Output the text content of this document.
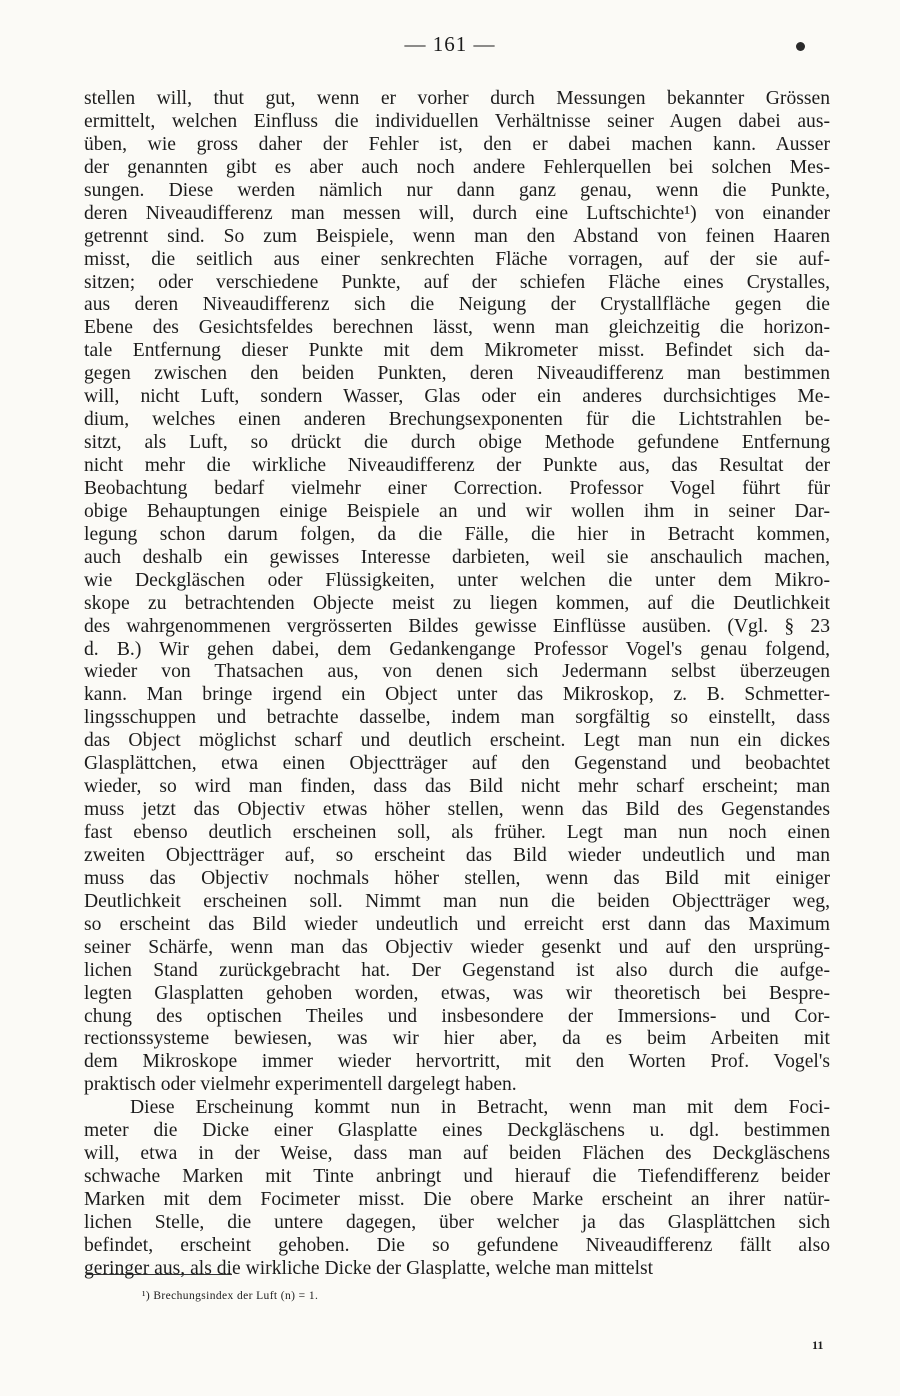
— 161 —
stellen will, thut gut, wenn er vorher durch Messungen bekannter Grössen
ermittelt, welchen Einfluss die individuellen Verhältnisse seiner Augen dabei aus-
üben, wie gross daher der Fehler ist, den er dabei machen kann. Ausser
der genannten gibt es aber auch noch andere Fehlerquellen bei solchen Mes-
sungen. Diese werden nämlich nur dann ganz genau, wenn die Punkte,
deren Niveaudifferenz man messen will, durch eine Luftschichte¹) von einander
getrennt sind. So zum Beispiele, wenn man den Abstand von feinen Haaren
misst, die seitlich aus einer senkrechten Fläche vorragen, auf der sie auf-
sitzen; oder verschiedene Punkte, auf der schiefen Fläche eines Crystalles,
aus deren Niveaudifferenz sich die Neigung der Crystallfläche gegen die
Ebene des Gesichtsfeldes berechnen lässt, wenn man gleichzeitig die horizon-
tale Entfernung dieser Punkte mit dem Mikrometer misst. Befindet sich da-
gegen zwischen den beiden Punkten, deren Niveaudifferenz man bestimmen
will, nicht Luft, sondern Wasser, Glas oder ein anderes durchsichtiges Me-
dium, welches einen anderen Brechungsexponenten für die Lichtstrahlen be-
sitzt, als Luft, so drückt die durch obige Methode gefundene Entfernung
nicht mehr die wirkliche Niveaudifferenz der Punkte aus, das Resultat der
Beobachtung bedarf vielmehr einer Correction. Professor Vogel führt für
obige Behauptungen einige Beispiele an und wir wollen ihm in seiner Dar-
legung schon darum folgen, da die Fälle, die hier in Betracht kommen,
auch deshalb ein gewisses Interesse darbieten, weil sie anschaulich machen,
wie Deckgläschen oder Flüssigkeiten, unter welchen die unter dem Mikro-
skope zu betrachtenden Objecte meist zu liegen kommen, auf die Deutlichkeit
des wahrgenommenen vergrösserten Bildes gewisse Einflüsse ausüben. (Vgl. § 23
d. B.) Wir gehen dabei, dem Gedankengange Professor Vogel's genau folgend,
wieder von Thatsachen aus, von denen sich Jedermann selbst überzeugen
kann. Man bringe irgend ein Object unter das Mikroskop, z. B. Schmetter-
lingsschuppen und betrachte dasselbe, indem man sorgfältig so einstellt, dass
das Object möglichst scharf und deutlich erscheint. Legt man nun ein dickes
Glasplättchen, etwa einen Objectträger auf den Gegenstand und beobachtet
wieder, so wird man finden, dass das Bild nicht mehr scharf erscheint; man
muss jetzt das Objectiv etwas höher stellen, wenn das Bild des Gegenstandes
fast ebenso deutlich erscheinen soll, als früher. Legt man nun noch einen
zweiten Objectträger auf, so erscheint das Bild wieder undeutlich und man
muss das Objectiv nochmals höher stellen, wenn das Bild mit einiger
Deutlichkeit erscheinen soll. Nimmt man nun die beiden Objectträger weg,
so erscheint das Bild wieder undeutlich und erreicht erst dann das Maximum
seiner Schärfe, wenn man das Objectiv wieder gesenkt und auf den ursprüng-
lichen Stand zurückgebracht hat. Der Gegenstand ist also durch die aufge-
legten Glasplatten gehoben worden, etwas, was wir theoretisch bei Bespre-
chung des optischen Theiles und insbesondere der Immersions- und Cor-
rectionssysteme bewiesen, was wir hier aber, da es beim Arbeiten mit
dem Mikroskope immer wieder hervortritt, mit den Worten Prof. Vogel's
praktisch oder vielmehr experimentell dargelegt haben.
Diese Erscheinung kommt nun in Betracht, wenn man mit dem Foci-
meter die Dicke einer Glasplatte eines Deckgläschens u. dgl. bestimmen
will, etwa in der Weise, dass man auf beiden Flächen des Deckgläschens
schwache Marken mit Tinte anbringt und hierauf die Tiefendifferenz beider
Marken mit dem Focimeter misst. Die obere Marke erscheint an ihrer natür-
lichen Stelle, die untere dagegen, über welcher ja das Glasplättchen sich
befindet, erscheint gehoben. Die so gefundene Niveaudifferenz fällt also
geringer aus, als die wirkliche Dicke der Glasplatte, welche man mittelst
¹) Brechungsindex der Luft (n) = 1.
11
